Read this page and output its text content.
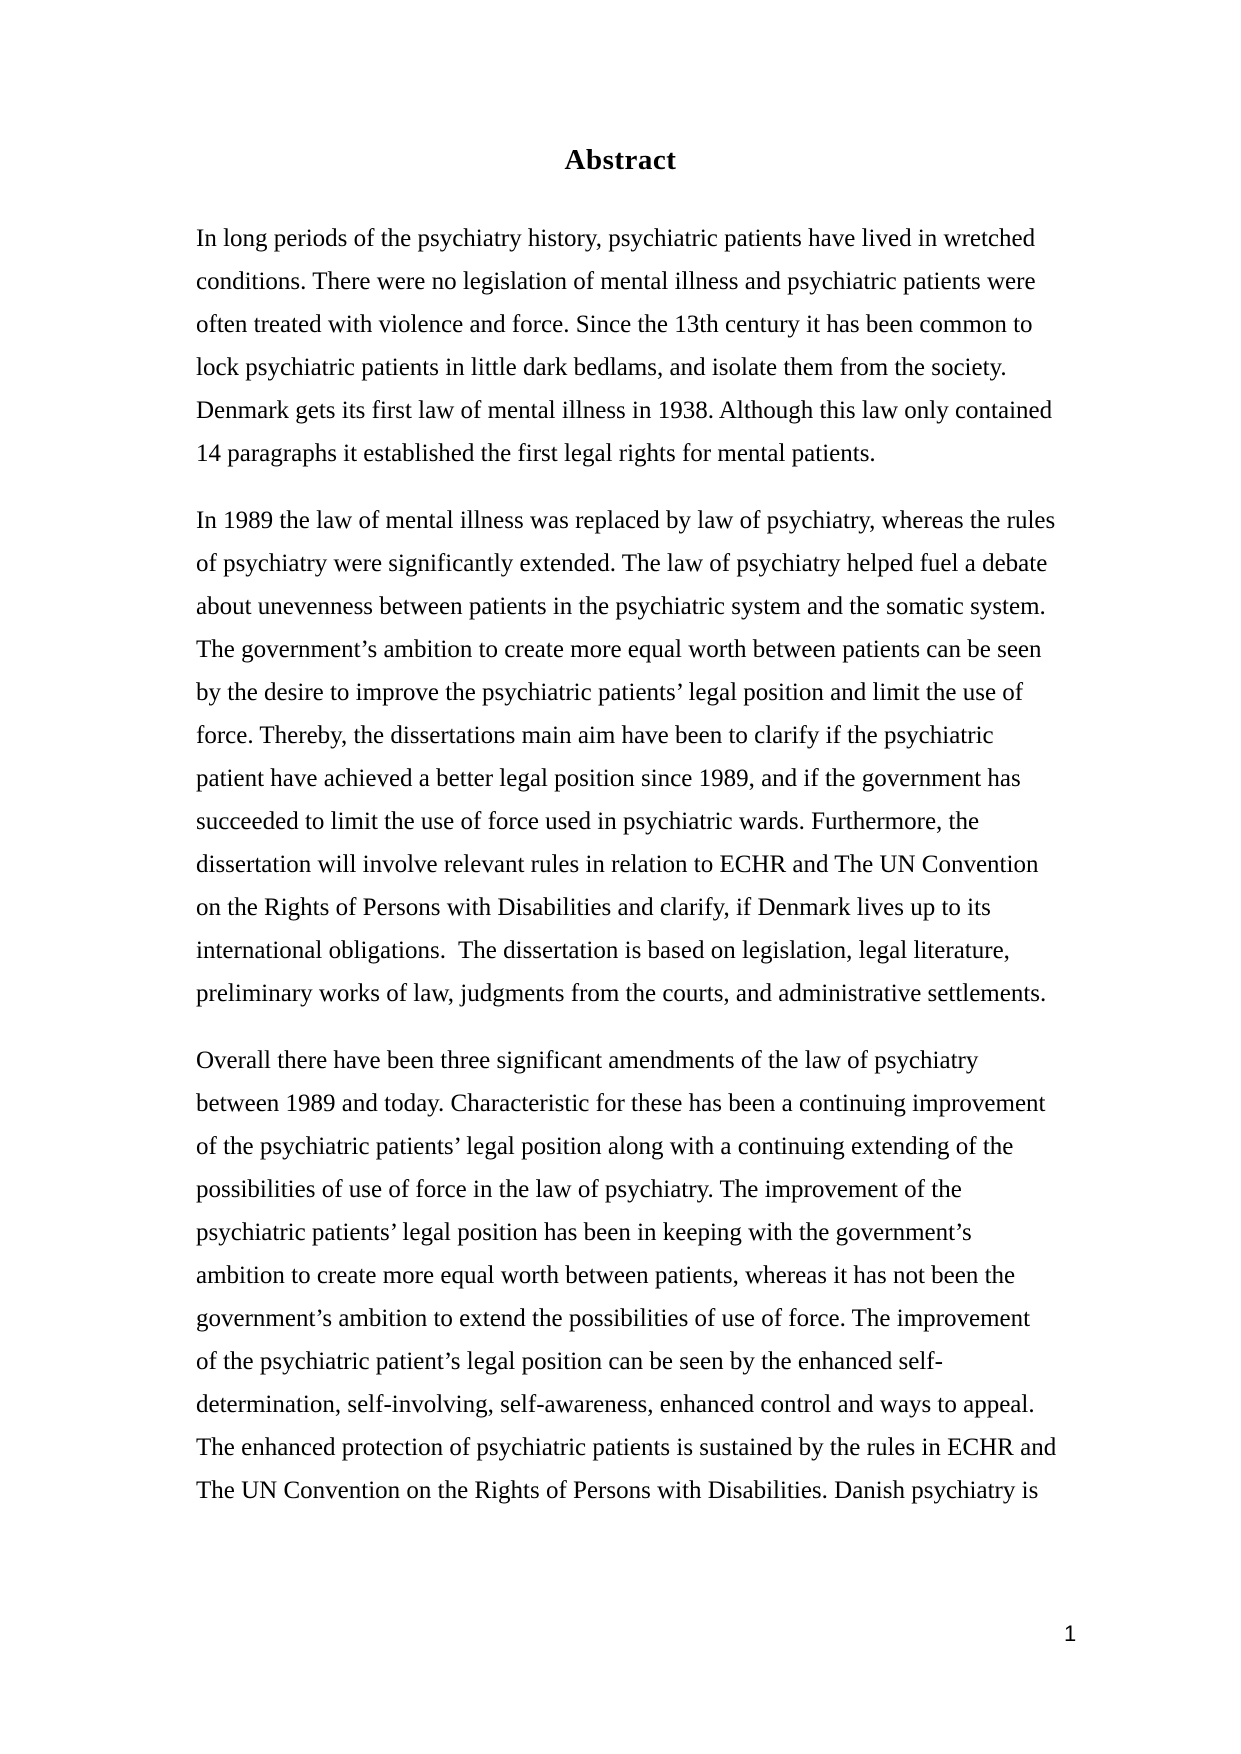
Abstract

In long periods of the psychiatry history, psychiatric patients have lived in wretched
conditions. There were no legislation of mental illness and psychiatric patients were
often treated with violence and force. Since the 13th century it has been common to
lock psychiatric patients in little dark bedlams, and isolate them from the society.
Denmark gets its first law of mental illness in 1938. Although this law only contained
14 paragraphs it established the first legal rights for mental patients.

In 1989 the law of mental illness was replaced by law of psychiatry, whereas the rules
of psychiatry were significantly extended. The law of psychiatry helped fuel a debate
about unevenness between patients in the psychiatric system and the somatic system.
The government’s ambition to create more equal worth between patients can be seen
by the desire to improve the psychiatric patients’ legal position and limit the use of
force. Thereby, the dissertations main aim have been to clarify if the psychiatric
patient have achieved a better legal position since 1989, and if the government has
succeeded to limit the use of force used in psychiatric wards. Furthermore, the
dissertation will involve relevant rules in relation to ECHR and The UN Convention
on the Rights of Persons with Disabilities and clarify, if Denmark lives up to its
international obligations.  The dissertation is based on legislation, legal literature,
preliminary works of law, judgments from the courts, and administrative settlements.

Overall there have been three significant amendments of the law of psychiatry
between 1989 and today. Characteristic for these has been a continuing improvement
of the psychiatric patients’ legal position along with a continuing extending of the
possibilities of use of force in the law of psychiatry. The improvement of the
psychiatric patients’ legal position has been in keeping with the government’s
ambition to create more equal worth between patients, whereas it has not been the
government’s ambition to extend the possibilities of use of force. The improvement
of the psychiatric patient’s legal position can be seen by the enhanced self-
determination, self-involving, self-awareness, enhanced control and ways to appeal.
The enhanced protection of psychiatric patients is sustained by the rules in ECHR and
The UN Convention on the Rights of Persons with Disabilities. Danish psychiatry is

1
